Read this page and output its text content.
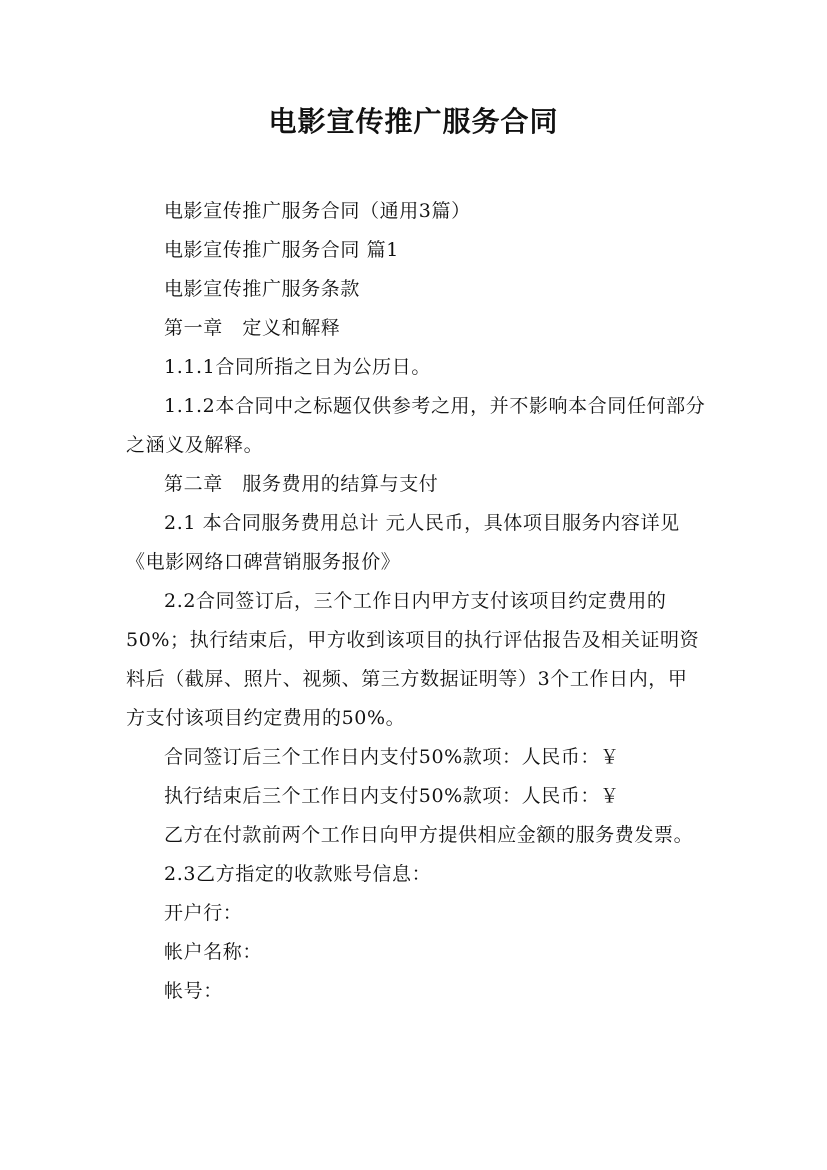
电影宣传推广服务合同

电影宣传推广服务合同（通用3篇）

电影宣传推广服务合同 篇1

电影宣传推广服务条款

第一章　定义和解释

1.1.1合同所指之日为公历日。

1.1.2本合同中之标题仅供参考之用，并不影响本合同任何部分之涵义及解释。

第二章　服务费用的结算与支付

2.1 本合同服务费用总计 元人民币，具体项目服务内容详见《电影网络口碑营销服务报价》

2.2合同签订后，三个工作日内甲方支付该项目约定费用的50%；执行结束后，甲方收到该项目的执行评估报告及相关证明资料后（截屏、照片、视频、第三方数据证明等）3个工作日内，甲方支付该项目约定费用的50%。

合同签订后三个工作日内支付50%款项：人民币：￥

执行结束后三个工作日内支付50%款项：人民币：￥

乙方在付款前两个工作日向甲方提供相应金额的服务费发票。

2.3乙方指定的收款账号信息：

开户行：

帐户名称：

帐号：
